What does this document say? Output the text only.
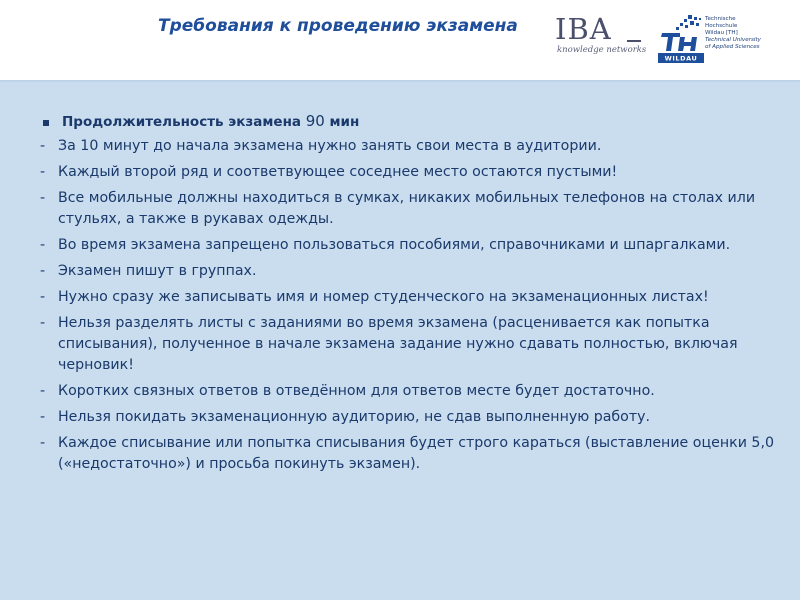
Требования к проведению экзамена IBA
knowledge networks
WILDAU
Technische
Hochschule
Wildau [TH]
Technical University
of Applied Sciences
Продолжительность экзамена 90 мин
- За 10 минут до начала экзамена нужно занять свои места в аудитории.
- Каждый второй ряд и соответвующее соседнее место остаются пустыми!
- Все мобильные должны находиться в сумках, никаких мобильных телефонов на столах или стульях, а также в рукавах одежды.
- Во время экзамена запрещено пользоваться пособиями, справочниками и шпаргалками.
- Экзамен пишут в группах.
- Нужно сразу же записывать имя и номер студенческого на экзаменационных листах!
- Нельзя разделять листы с заданиями во время экзамена (расценивается как попытка списывания), полученное в начале экзамена задание нужно сдавать полностью, включая черновик!
- Коротких связных ответов в отведённом для ответов месте будет достаточно.
- Нельзя покидать экзаменационную аудиторию, не сдав выполненную работу.
- Каждое списывание или попытка списывания будет строго караться (выставление оценки 5,0 («недостаточно») и просьба покинуть экзамен).
